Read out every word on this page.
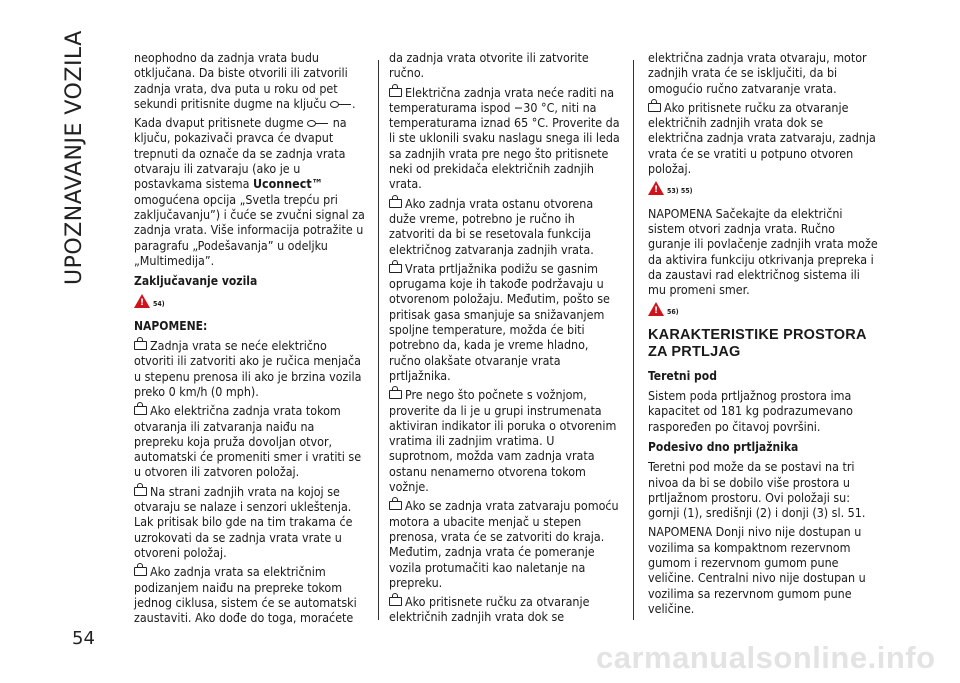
UPOZNAVANJE VOZILA
54

neophodno da zadnja vrata budu otključana. Da biste otvorili ili zatvorili zadnja vrata, dva puta u roku od pet sekundi pritisnite dugme na ključu .

Kada dvaput pritisnete dugme na ključu, pokazivači pravca će dvaput trepnuti da označe da se zadnja vrata otvaraju ili zatvaraju (ako je u postavkama sistema Uconnect™ omogućena opcija „Svetla trepću pri zaključavanju”) i čuće se zvučni signal za zadnja vrata. Više informacija potražite u paragrafu „Podešavanja” u odeljku „Multimedija”.

Zaključavanje vozila
!
54)
NAPOMENE:

Zadnja vrata se neće električno otvoriti ili zatvoriti ako je ručica menjača u stepenu prenosa ili ako je brzina vozila preko 0 km/h (0 mph).

Ako električna zadnja vrata tokom otvaranja ili zatvaranja naiđu na prepreku koja pruža dovoljan otvor, automatski će promeniti smer i vratiti se u otvoren ili zatvoren položaj.

Na strani zadnjih vrata na kojoj se otvaraju se nalaze i senzori ukleštenja. Lak pritisak bilo gde na tim trakama će uzrokovati da se zadnja vrata vrate u otvoreni položaj.

Ako zadnja vrata sa električnim podizanjem naiđu na prepreke tokom jednog ciklusa, sistem će se automatski zaustaviti. Ako dođe do toga, moraćete

da zadnja vrata otvorite ili zatvorite ručno.

Električna zadnja vrata neće raditi na temperaturama ispod −30 °C, niti na temperaturama iznad 65 °C. Proverite da li ste uklonili svaku naslagu snega ili leda sa zadnjih vrata pre nego što pritisnete neki od prekidača električnih zadnjih vrata.

Ako zadnja vrata ostanu otvorena duže vreme, potrebno je ručno ih zatvoriti da bi se resetovala funkcija električnog zatvaranja zadnjih vrata.

Vrata prtljažnika podižu se gasnim oprugama koje ih takođe podržavaju u otvorenom položaju. Međutim, pošto se pritisak gasa smanjuje sa snižavanjem spoljne temperature, možda će biti potrebno da, kada je vreme hladno, ručno olakšate otvaranje vrata prtljažnika.

Pre nego što počnete s vožnjom, proverite da li je u grupi instrumenata aktiviran indikator ili poruka o otvorenim vratima ili zadnjim vratima. U suprotnom, možda vam zadnja vrata ostanu nenamerno otvorena tokom vožnje.

Ako se zadnja vrata zatvaraju pomoću motora a ubacite menjač u stepen prenosa, vrata će se zatvoriti do kraja. Međutim, zadnja vrata će pomeranje vozila protumačiti kao naletanje na prepreku.

Ako pritisnete ručku za otvaranje električnih zadnjih vrata dok se

električna zadnja vrata otvaraju, motor zadnjih vrata će se isključiti, da bi omogućio ručno zatvaranje vrata.

Ako pritisnete ručku za otvaranje električnih zadnjih vrata dok se električna zadnja vrata zatvaraju, zadnja vrata će se vratiti u potpuno otvoren položaj.

!
53) 55)

NAPOMENA Sačekajte da električni sistem otvori zadnja vrata. Ručno guranje ili povlačenje zadnjih vrata može da aktivira funkciju otkrivanja prepreka i da zaustavi rad električnog sistema ili mu promeni smer.

!
56)
KARAKTERISTIKE PROSTORA ZA PRTLJAG
Teretni pod

Sistem poda prtljažnog prostora ima kapacitet od 181 kg podrazumevano raspoređen po čitavoj površini.

Podesivo dno prtljažnika

Teretni pod može da se postavi na tri nivoa da bi se dobilo više prostora u prtljažnom prostoru. Ovi položaji su: gornji (1), središnji (2) i donji (3) sl. 51.

NAPOMENA Donji nivo nije dostupan u vozilima sa kompaktnom rezervnom gumom i rezervnom gumom pune veličine. Centralni nivo nije dostupan u vozilima sa rezervnom gumom pune veličine.

carmanualsonline.info
